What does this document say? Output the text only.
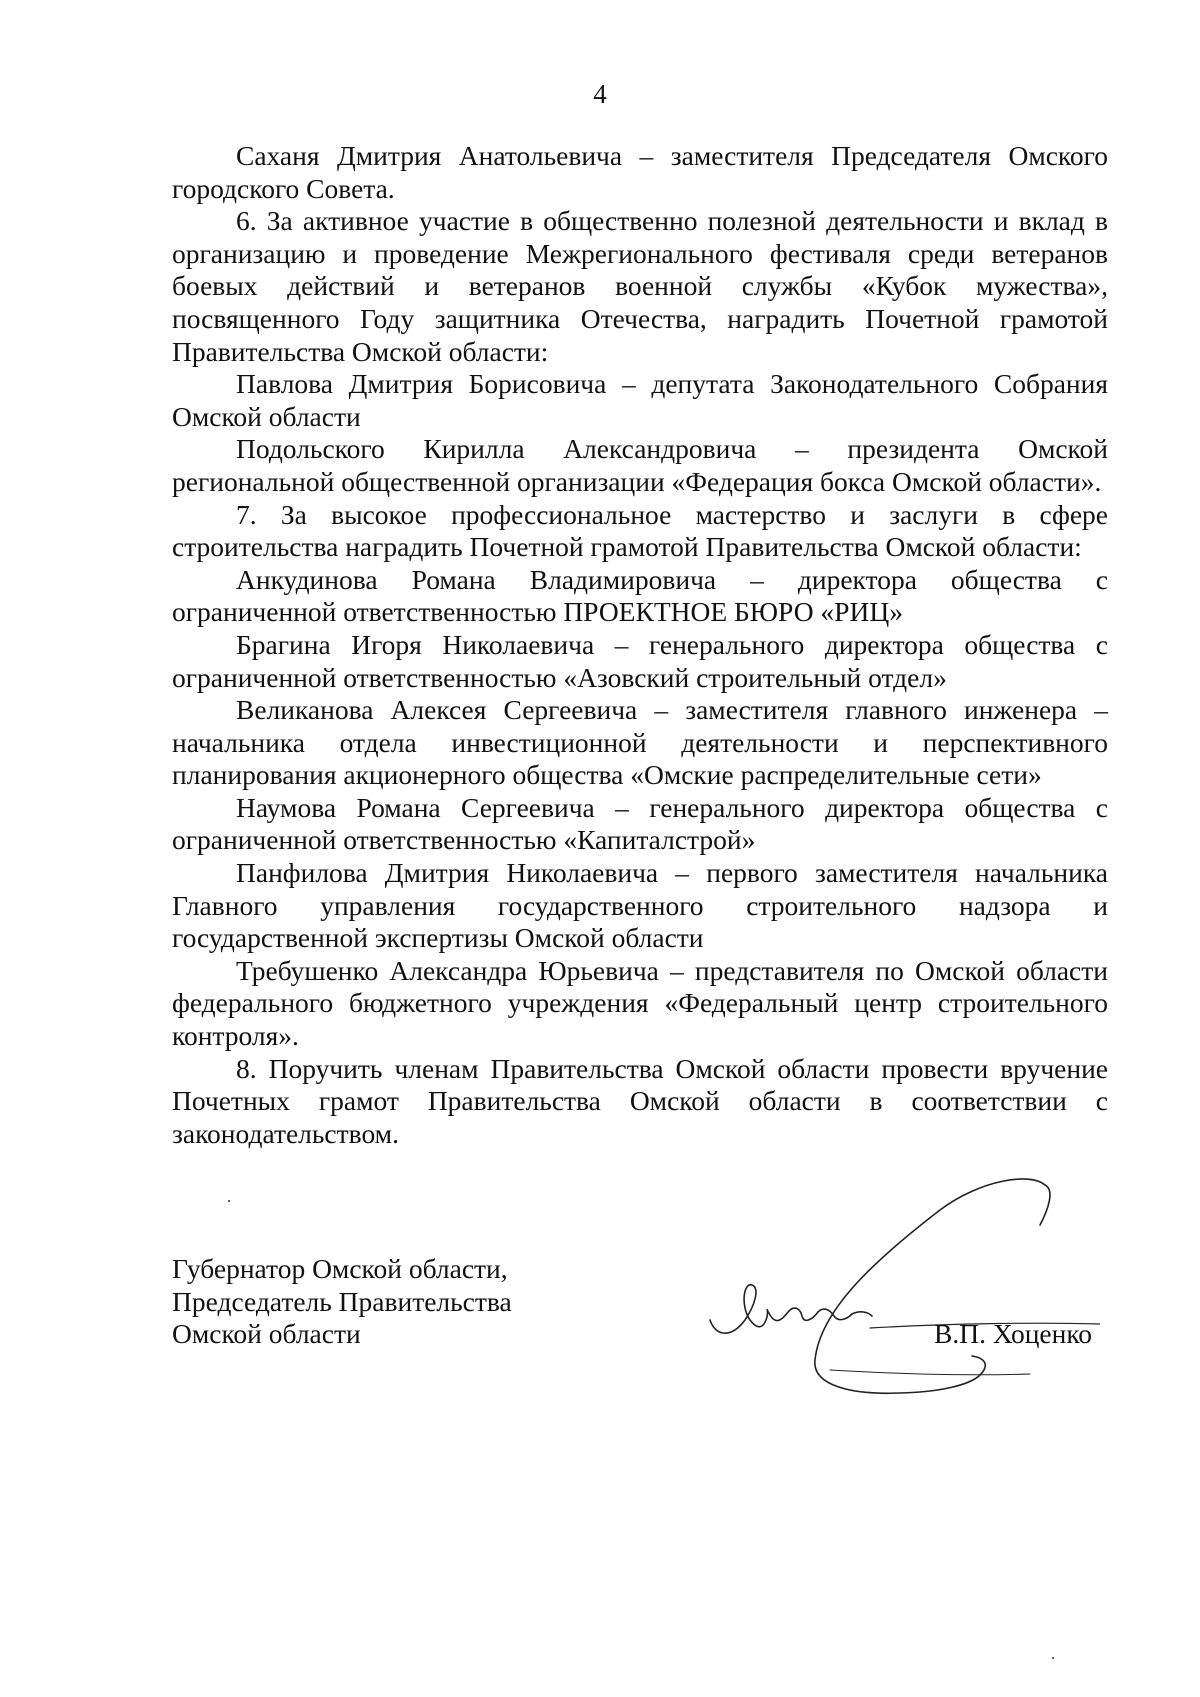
4

Саханя Дмитрия Анатольевича – заместителя Председателя Омского городского Совета.

6. За активное участие в общественно полезной деятельности и вклад в организацию и проведение Межрегионального фестиваля среди ветеранов боевых действий и ветеранов военной службы «Кубок мужества», посвященного Году защитника Отечества, наградить Почетной грамотой Правительства Омской области:

Павлова Дмитрия Борисовича – депутата Законодательного Собрания Омской области

Подольского Кирилла Александровича – президента Омской региональной общественной организации «Федерация бокса Омской области».

7. За высокое профессиональное мастерство и заслуги в сфере строительства наградить Почетной грамотой Правительства Омской области:

Анкудинова Романа Владимировича – директора общества с ограниченной ответственностью ПРОЕКТНОЕ БЮРО «РИЦ»

Брагина Игоря Николаевича – генерального директора общества с ограниченной ответственностью «Азовский строительный отдел»

Великанова Алексея Сергеевича – заместителя главного инженера – начальника отдела инвестиционной деятельности и перспективного планирования акционерного общества «Омские распределительные сети»

Наумова Романа Сергеевича – генерального директора общества с ограниченной ответственностью «Капиталстрой»

Панфилова Дмитрия Николаевича – первого заместителя начальника Главного управления государственного строительного надзора и государственной экспертизы Омской области

Требушенко Александра Юрьевича – представителя по Омской области федерального бюджетного учреждения «Федеральный центр строительного контроля».

8. Поручить членам Правительства Омской области провести вручение Почетных грамот Правительства Омской области в соответствии с законодательством.

Губернатор Омской области,
Председатель Правительства
Омской области	В.П. Хоценко
